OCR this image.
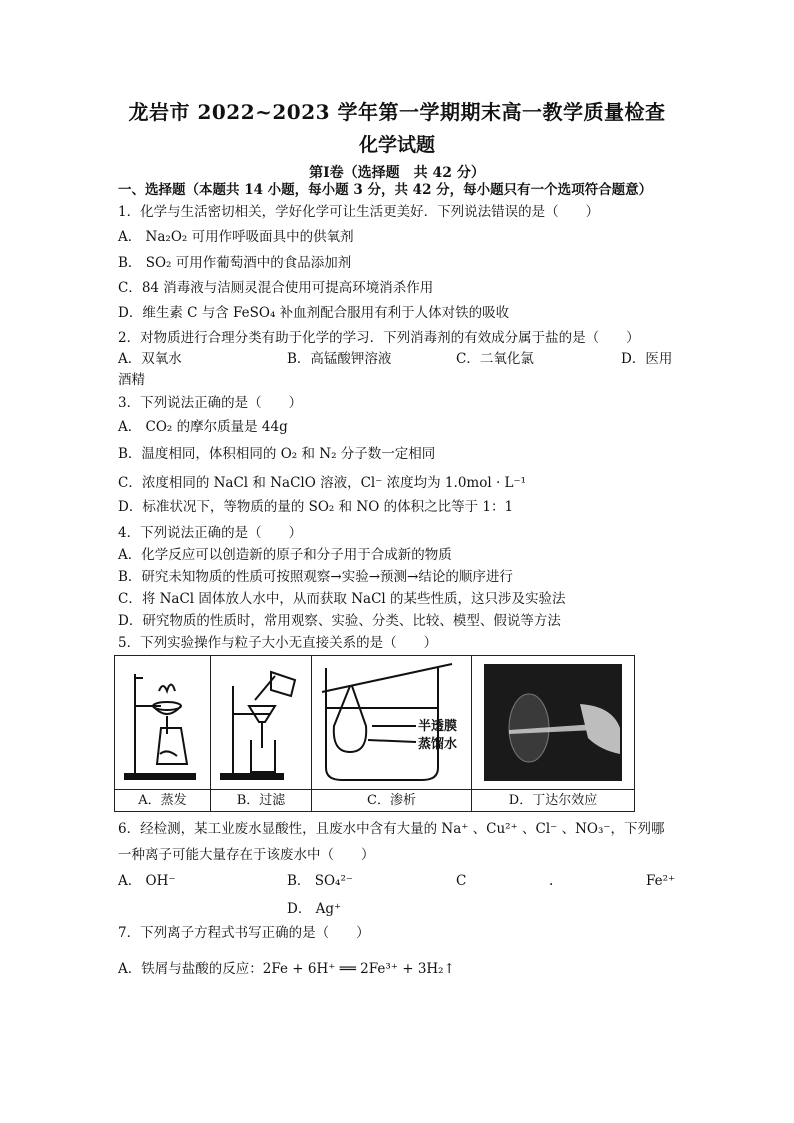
龙岩市 2022~2023 学年第一学期期末高一教学质量检查
化学试题
第Ⅰ卷（选择题　共 42 分）
一、选择题（本题共 14 小题，每小题 3 分，共 42 分，每小题只有一个选项符合题意）
1．化学与生活密切相关，学好化学可让生活更美好．下列说法错误的是（　　）
A． Na₂O₂ 可用作呼吸面具中的供氧剂
B． SO₂ 可用作葡萄酒中的食品添加剂
C．84 消毒液与洁厕灵混合使用可提高环境消杀作用
D．维生素 C 与含 FeSO₄ 补血剂配合服用有利于人体对铁的吸收
2．对物质进行合理分类有助于化学的学习．下列消毒剂的有效成分属于盐的是（　　）
A．双氧水	B．高锰酸钾溶液	C．二氧化氯	D．医用
酒精
3．下列说法正确的是（　　）
A． CO₂ 的摩尔质量是 44g
B．温度相同，体积相同的 O₂ 和 N₂ 分子数一定相同
C．浓度相同的 NaCl 和 NaClO 溶液，Cl⁻ 浓度均为 1.0mol · L⁻¹
D．标准状况下，等物质的量的 SO₂ 和 NO 的体积之比等于 1：1
4．下列说法正确的是（　　）
A．化学反应可以创造新的原子和分子用于合成新的物质
B．研究未知物质的性质可按照观察→实验→预测→结论的顺序进行
C．将 NaCl 固体放人水中，从而获取 NaCl 的某些性质，这只涉及实验法
D．研究物质的性质时，常用观察、实验、分类、比较、模型、假说等方法
5．下列实验操作与粒子大小无直接关系的是（　　）
半透膜
蒸馏水
A．蒸发	B．过滤	C．渗析	D．丁达尔效应
6．经检测，某工业废水显酸性，且废水中含有大量的 Na⁺ 、Cu²⁺ 、Cl⁻ 、NO₃⁻，下列哪
一种离子可能大量存在于该废水中（　　）
A． OH⁻	B． SO₄²⁻	C	.	Fe²⁺
D． Ag⁺
7．下列离子方程式书写正确的是（　　）
A．铁屑与盐酸的反应：2Fe + 6H⁺ ══ 2Fe³⁺ + 3H₂↑
